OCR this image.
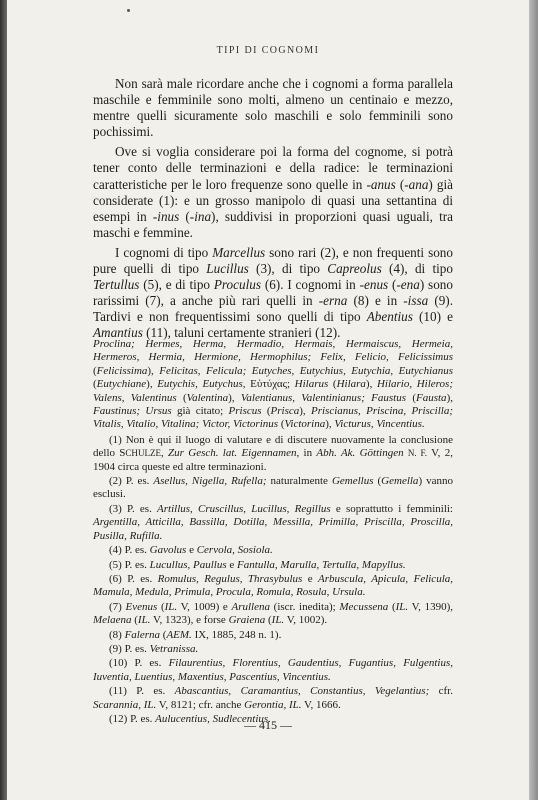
TIPI DI COGNOMI

Non sarà male ricordare anche che i cognomi a forma parallela maschile e femminile sono molti, almeno un centinaio e mezzo, mentre quelli sicuramente solo maschili e solo femminili sono pochissimi.

Ove si voglia considerare poi la forma del cognome, si potrà tener conto delle terminazioni e della radice: le terminazioni caratteristiche per le loro frequenze sono quelle in -anus (-ana) già considerate (1): e un grosso manipolo di quasi una settantina di esempi in -inus (-ina), suddivisi in proporzioni quasi uguali, tra maschi e femmine.

I cognomi di tipo Marcellus sono rari (2), e non frequenti sono pure quelli di tipo Lucillus (3), di tipo Capreolus (4), di tipo Tertullus (5), e di tipo Proculus (6). I cognomi in -enus (-ena) sono rarissimi (7), a anche più rari quelli in -erna (8) e in -issa (9). Tardivi e non frequentissimi sono quelli di tipo Abentius (10) e Amantius (11), taluni certamente stranieri (12).

Proclina; Hermes, Herma, Hermadio, Hermais, Hermaiscus, Hermeia, Hermeros, Hermia, Hermione, Hermophilus; Felix, Felicio, Felicissimus (Felicissima), Felicitas, Felicula; Eutyches, Eutychius, Eutychia, Eutychianus (Eutychiane), Eutychis, Eutychus, Εὐτύχας; Hilarus (Hilara), Hilario, Hileros; Valens, Valentinus (Valentina), Valentianus, Valentinianus; Faustus (Fausta), Faustinus; Ursus già citato; Priscus (Prisca), Priscianus, Priscina, Priscilla; Vitalis, Vitalio, Vitalina; Victor, Victorinus (Victorina), Victurus, Vincentius.

(1) Non è qui il luogo di valutare e di discutere nuovamente la conclusione dello SCHULZE, Zur Gesch. lat. Eigennamen, in Abh. Ak. Göttingen N. F. V, 2, 1904 circa queste ed altre terminazioni.

(2) P. es. Asellus, Nigella, Rufella; naturalmente Gemellus (Gemella) vanno esclusi.

(3) P. es. Artillus, Cruscillus, Lucillus, Regillus e soprattutto i femminili: Argentilla, Atticilla, Bassilla, Dotilla, Messilla, Primilla, Priscilla, Proscilla, Pusilla, Rufilla.

(4) P. es. Gavolus e Cervola, Sosiola.

(5) P. es. Lucullus, Paullus e Fantulla, Marulla, Tertulla, Mapyllus.

(6) P. es. Romulus, Regulus, Thrasybulus e Arbuscula, Apicula, Felicula, Mamula, Medula, Primula, Procula, Romula, Rosula, Ursula.

(7) Evenus (IL. V, 1009) e Arullena (iscr. inedita); Mecussena (IL. V, 1390), Melaena (IL. V, 1323), e forse Graiena (IL. V, 1002).

(8) Falerna (AEM. IX, 1885, 248 n. 1).

(9) P. es. Vetranissa.

(10) P. es. Filaurentius, Florentius, Gaudentius, Fugantius, Fulgentius, Iuventia, Luentius, Maxentius, Pascentius, Vincentius.

(11) P. es. Abascantius, Caramantius, Constantius, Vegelantius; cfr. Scarannia, IL. V, 8121; cfr. anche Gerontia, IL. V, 1666.

(12) P. es. Aulucentius, Sudlecentius.

— 415 —
